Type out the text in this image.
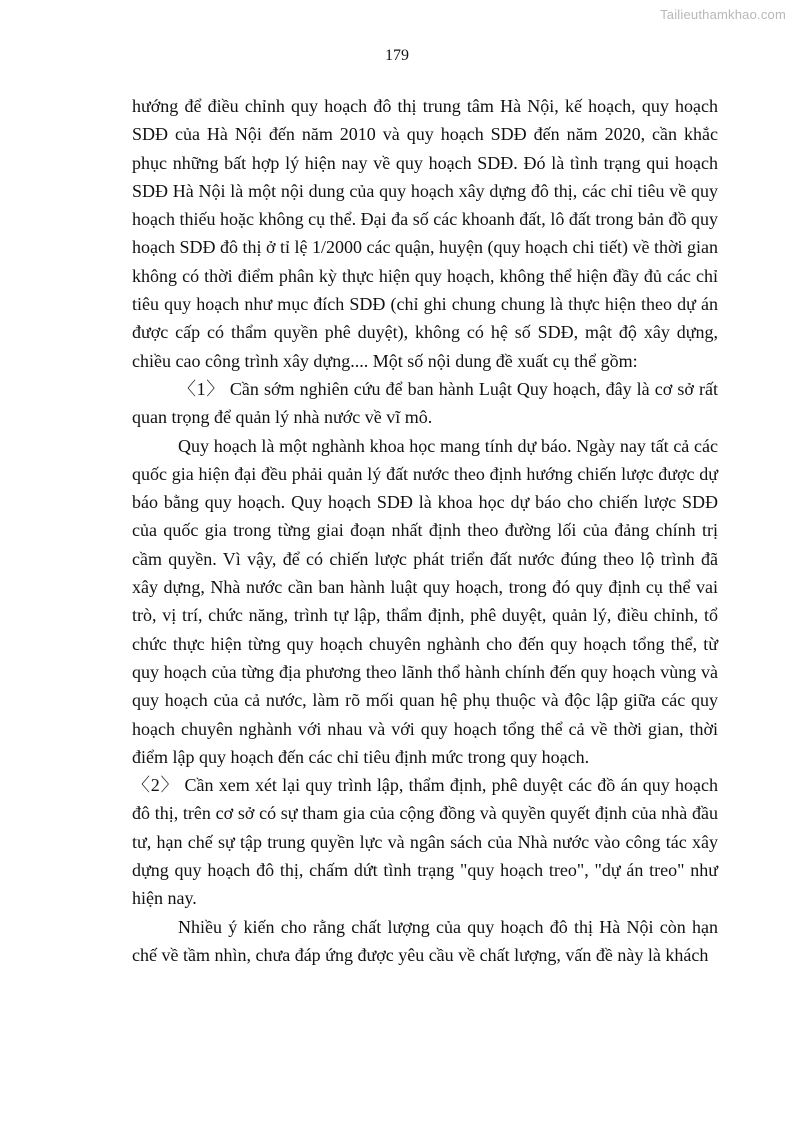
Tailieuthamkhao.com
179

hướng để điều chỉnh quy hoạch đô thị trung tâm Hà Nội, kế hoạch, quy hoạch SDĐ của Hà Nội đến năm 2010 và quy hoạch SDĐ đến năm 2020, cần khắc phục những bất hợp lý hiện nay về quy hoạch SDĐ. Đó là tình trạng qui hoạch SDĐ Hà Nội là một nội dung của quy hoạch xây dựng đô thị, các chỉ tiêu về quy hoạch thiếu hoặc không cụ thể. Đại đa số các khoanh đất, lô đất trong bản đồ quy hoạch SDĐ đô thị ở tỉ lệ 1/2000 các quận, huyện (quy hoạch chi tiết) về thời gian không có thời điểm phân kỳ thực hiện quy hoạch, không thể hiện đầy đủ các chỉ tiêu quy hoạch như mục đích SDĐ (chỉ ghi chung chung là thực hiện theo dự án được cấp có thẩm quyền phê duyệt), không có hệ số SDĐ, mật độ xây dựng, chiều cao công trình xây dựng.... Một số nội dung đề xuất cụ thể gồm:

〈1〉 Cần sớm nghiên cứu để ban hành Luật Quy hoạch, đây là cơ sở rất quan trọng để quản lý nhà nước về vĩ mô.

Quy hoạch là một nghành khoa học mang tính dự báo. Ngày nay tất cả các quốc gia hiện đại đều phải quản lý đất nước theo định hướng chiến lược được dự báo bằng quy hoạch. Quy hoạch SDĐ là khoa học dự báo cho chiến lược SDĐ của quốc gia trong từng giai đoạn nhất định theo đường lối của đảng chính trị cầm quyền. Vì vậy, để có chiến lược phát triển đất nước đúng theo lộ trình đã xây dựng, Nhà nước cần ban hành luật quy hoạch, trong đó quy định cụ thể vai trò, vị trí, chức năng, trình tự lập, thẩm định, phê duyệt, quản lý, điều chỉnh, tổ chức thực hiện từng quy hoạch chuyên nghành cho đến quy hoạch tổng thể, từ quy hoạch của từng địa phương theo lãnh thổ hành chính đến quy hoạch vùng và quy hoạch của cả nước, làm rõ mối quan hệ phụ thuộc và độc lập giữa các quy hoạch chuyên nghành với nhau và với quy hoạch tổng thể cả về thời gian, thời điểm lập quy hoạch đến các chỉ tiêu định mức trong quy hoạch.

〈2〉 Cần xem xét lại quy trình lập, thẩm định, phê duyệt các đồ án quy hoạch đô thị, trên cơ sở có sự tham gia của cộng đồng và quyền quyết định của nhà đầu tư, hạn chế sự tập trung quyền lực và ngân sách của Nhà nước vào công tác xây dựng quy hoạch đô thị, chấm dứt tình trạng "quy hoạch treo", "dự án treo" như hiện nay.

Nhiều ý kiến cho rằng chất lượng của quy hoạch đô thị Hà Nội còn hạn chế về tầm nhìn, chưa đáp ứng được yêu cầu về chất lượng, vấn đề này là khách
